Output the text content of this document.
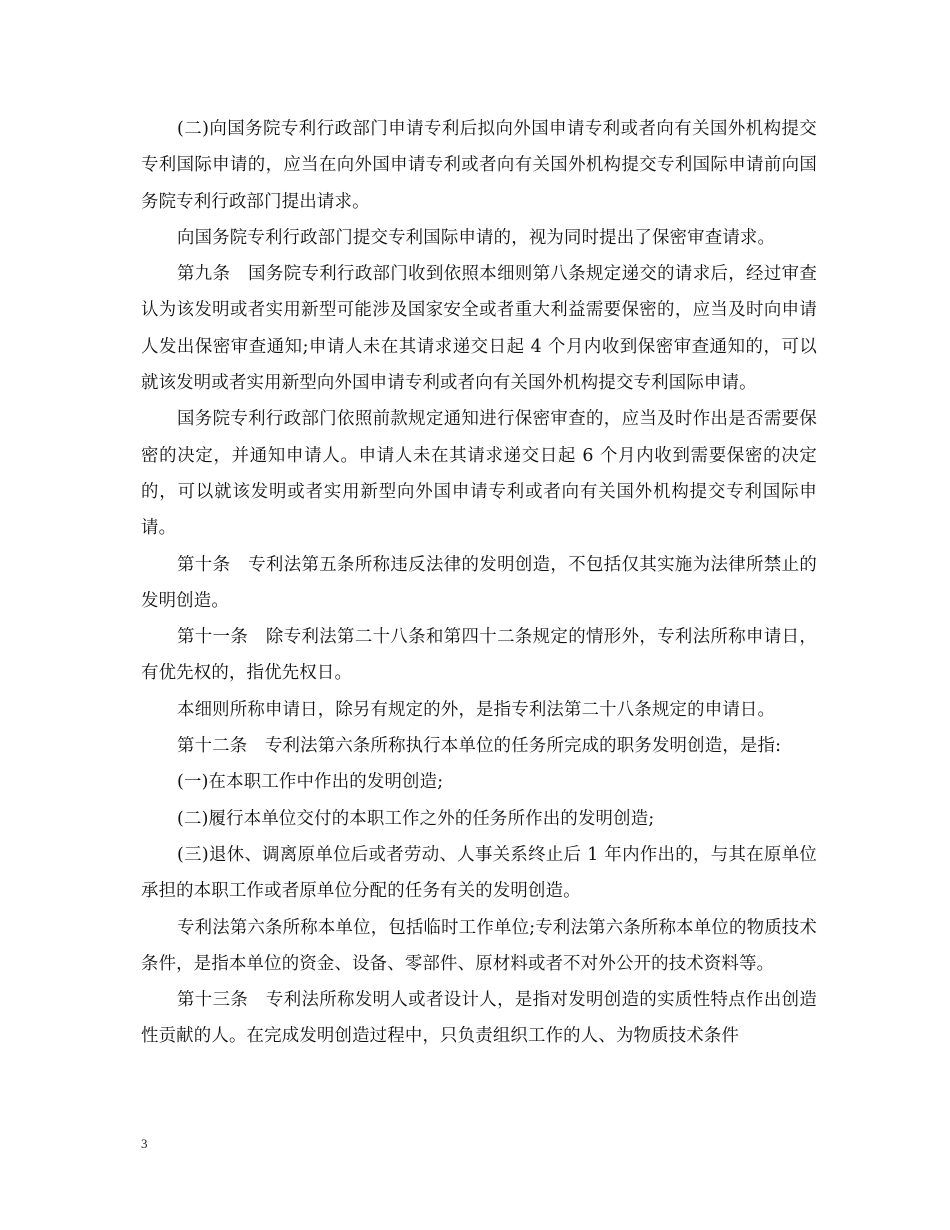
(二)向国务院专利行政部门申请专利后拟向外国申请专利或者向有关国外机构提交专利国际申请的，应当在向外国申请专利或者向有关国外机构提交专利国际申请前向国务院专利行政部门提出请求。

向国务院专利行政部门提交专利国际申请的，视为同时提出了保密审查请求。

第九条　国务院专利行政部门收到依照本细则第八条规定递交的请求后，经过审查认为该发明或者实用新型可能涉及国家安全或者重大利益需要保密的，应当及时向申请人发出保密审查通知;申请人未在其请求递交日起 4 个月内收到保密审查通知的，可以就该发明或者实用新型向外国申请专利或者向有关国外机构提交专利国际申请。

国务院专利行政部门依照前款规定通知进行保密审查的，应当及时作出是否需要保密的决定，并通知申请人。申请人未在其请求递交日起 6 个月内收到需要保密的决定的，可以就该发明或者实用新型向外国申请专利或者向有关国外机构提交专利国际申请。

第十条　专利法第五条所称违反法律的发明创造，不包括仅其实施为法律所禁止的发明创造。

第十一条　除专利法第二十八条和第四十二条规定的情形外，专利法所称申请日，有优先权的，指优先权日。

本细则所称申请日，除另有规定的外，是指专利法第二十八条规定的申请日。

第十二条　专利法第六条所称执行本单位的任务所完成的职务发明创造，是指:

(一)在本职工作中作出的发明创造;

(二)履行本单位交付的本职工作之外的任务所作出的发明创造;

(三)退休、调离原单位后或者劳动、人事关系终止后 1 年内作出的，与其在原单位承担的本职工作或者原单位分配的任务有关的发明创造。

专利法第六条所称本单位，包括临时工作单位;专利法第六条所称本单位的物质技术条件，是指本单位的资金、设备、零部件、原材料或者不对外公开的技术资料等。

第十三条　专利法所称发明人或者设计人，是指对发明创造的实质性特点作出创造性贡献的人。在完成发明创造过程中，只负责组织工作的人、为物质技术条件

3
